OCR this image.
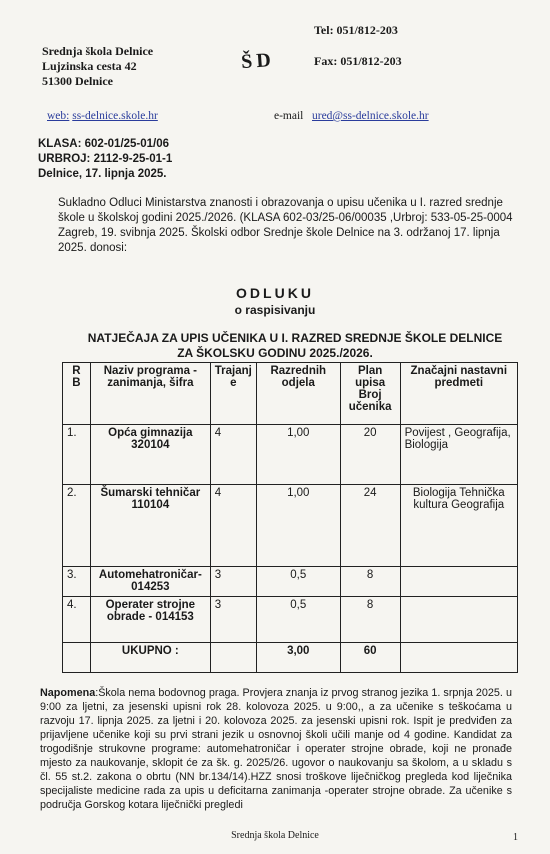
Srednja škola Delnice
Lujzinska cesta 42
51300 Delnice
ŠD
Tel: 051/812-203
Fax: 051/812-203
web: ss-delnice.skole.hr	e-mail ured@ss-delnice.skole.hr
KLASA: 602-01/25-01/06
URBROJ: 2112-9-25-01-1
Delnice, 17. lipnja 2025.
Sukladno Odluci Ministarstva znanosti i obrazovanja o upisu učenika u I. razred srednje škole u školskoj godini 2025./2026. (KLASA 602-03/25-06/00035 ,Urbroj: 533-05-25-0004 Zagreb, 19. svibnja 2025. Školski odbor Srednje škole Delnice na 3. održanoj 17. lipnja 2025. donosi:
ODLUKU
o raspisivanju
NATJEČAJA ZA UPIS UČENIKA U I. RAZRED SREDNJE ŠKOLE DELNICE
ZA ŠKOLSKU GODINU 2025./2026.
R B	Naziv programa -zanimanja, šifra	Trajanj e	Razrednih odjela	Plan upisa Broj učenika	Značajni nastavni predmeti
1.	Opća gimnazija 320104	4	1,00	20	Povijest , Geografija, Biologija
2.	Šumarski tehničar 110104	4	1,00	24	Biologija Tehnička kultura Geografija
3.	Automehatroničar- 014253	3	0,5	8	
4.	Operater strojne obrade - 014153	3	0,5	8	
	UKUPNO :		3,00	60	
Napomena:Škola nema bodovnog praga. Provjera znanja iz prvog stranog jezika 1. srpnja 2025. u 9:00 za ljetni, za jesenski upisni rok 28. kolovoza 2025. u 9:00,, a za učenike s teškoćama u razvoju 17. lipnja 2025. za ljetni i 20. kolovoza 2025. za jesenski upisni rok. Ispit je predviđen za prijavljene učenike koji su prvi strani jezik u osnovnoj školi učili manje od 4 godine. Kandidat za trogodišnje strukovne programe: automehatroničar i operater strojne obrade, koji ne pronađe mjesto za naukovanje, sklopit će za šk. g. 2025/26. ugovor o naukovanju sa školom, a u skladu s čl. 55 st.2. zakona o obrtu (NN br.134/14).HZZ snosi troškove liječničkog pregleda kod liječnika specijaliste medicine rada za upis u deficitarna zanimanja -operater strojne obrade. Za učenike s područja Gorskog kotara liječnički pregledi
Srednja škola Delnice	1
